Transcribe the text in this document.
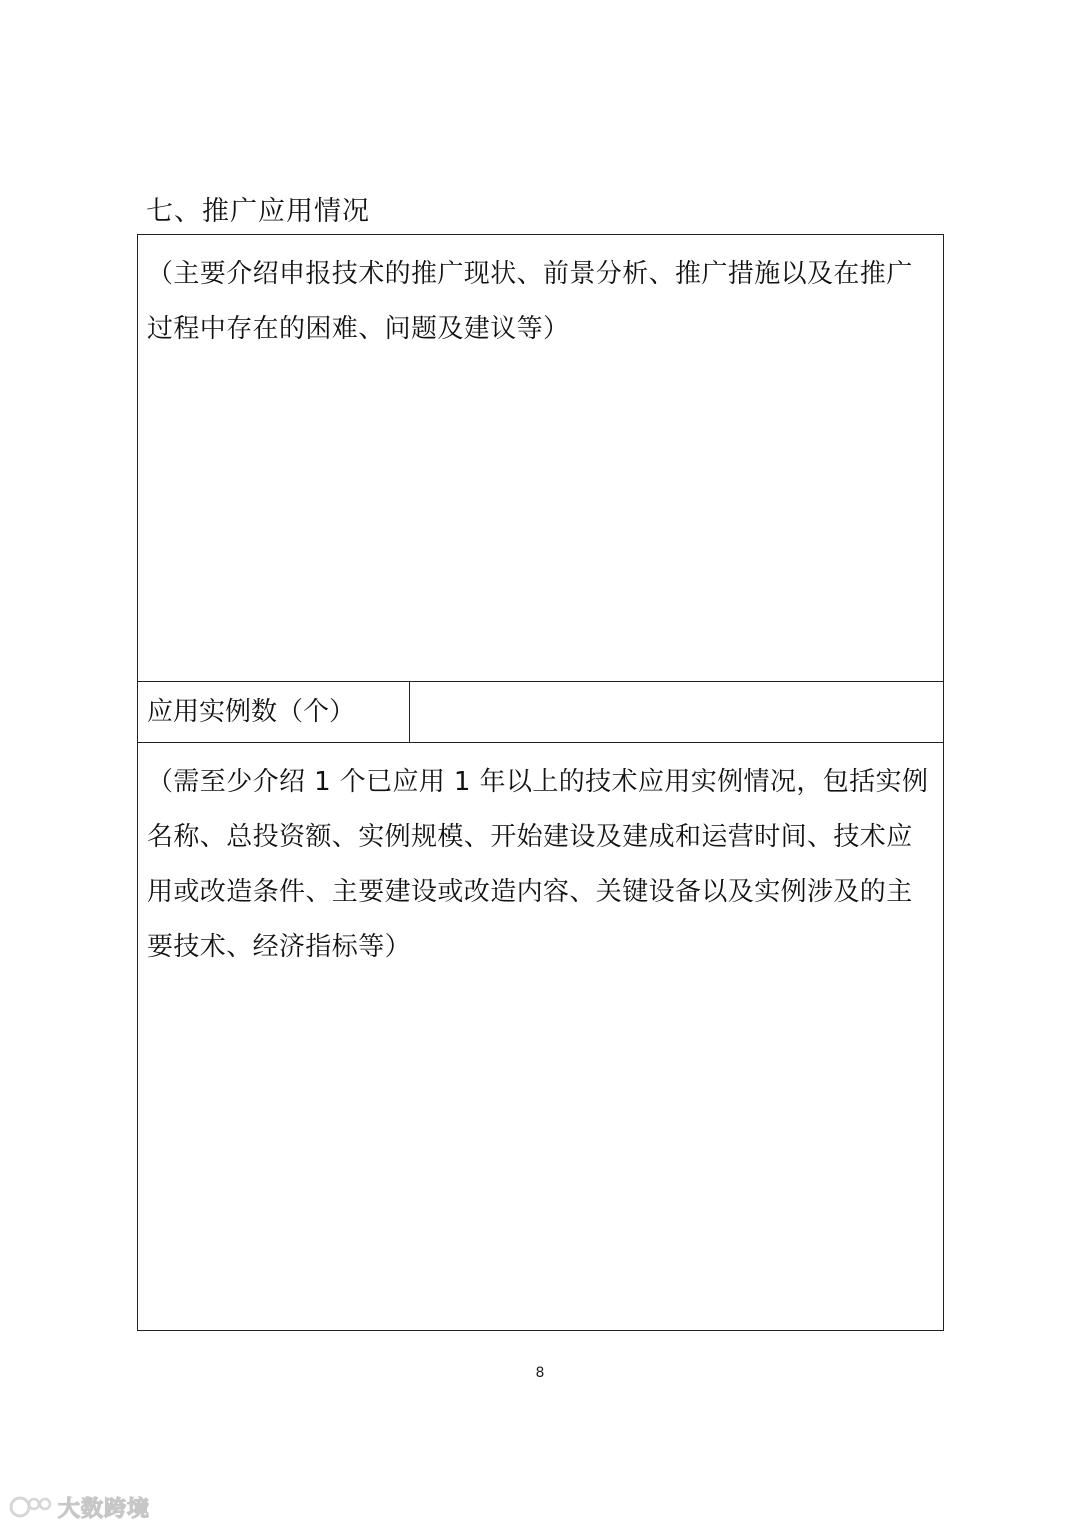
七、推广应用情况

（主要介绍申报技术的推广现状、前景分析、推广措施以及在推广过程中存在的困难、问题及建议等）

应用实例数（个）

（需至少介绍 1 个已应用 1 年以上的技术应用实例情况，包括实例名称、总投资额、实例规模、开始建设及建成和运营时间、技术应用或改造条件、主要建设或改造内容、关键设备以及实例涉及的主要技术、经济指标等）

8
大数跨境
